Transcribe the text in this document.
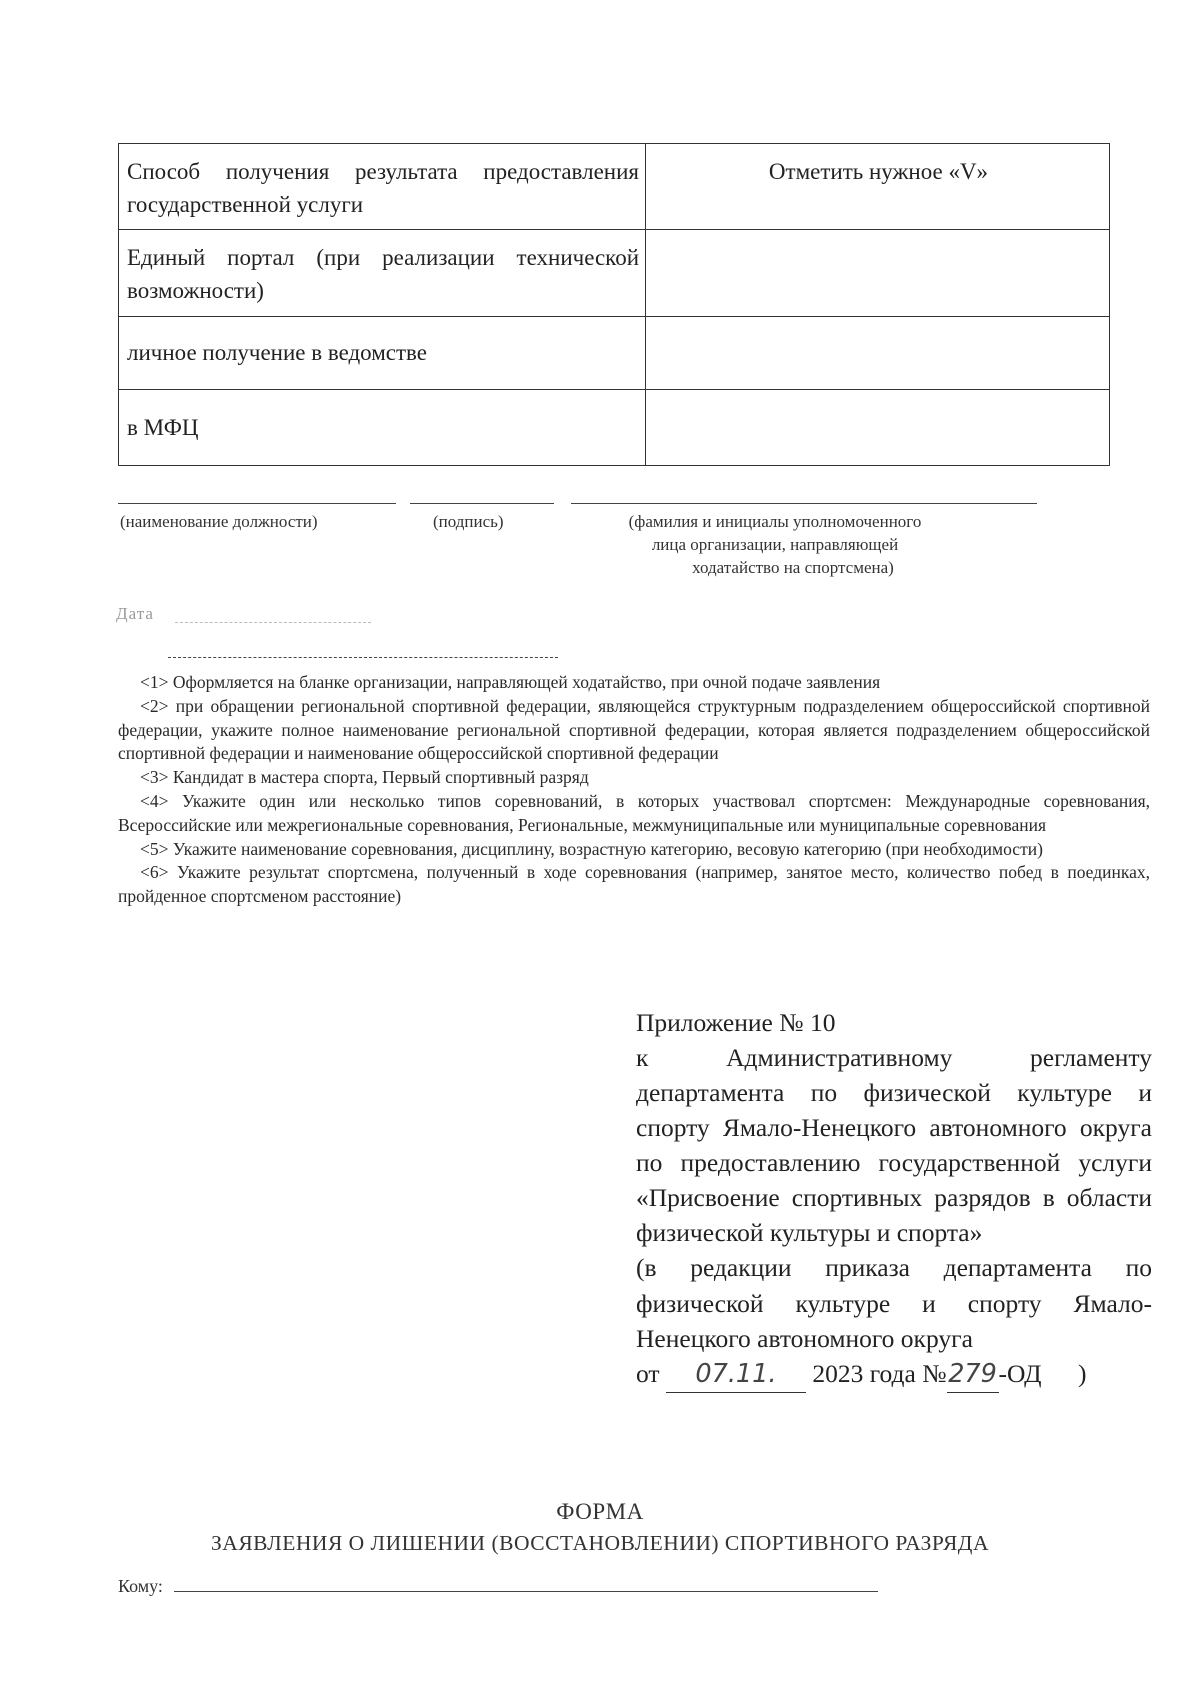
Способ получения результата предоставления государственной услуги	Отметить нужное «V»
Единый портал (при реализации технической возможности)	
личное получение в ведомстве	
в МФЦ	
(наименование должности)	(подпись)	(фамилия и инициалы уполномоченного
лица организации, направляющей
ходатайство на спортсмена)
Дата

<1> Оформляется на бланке организации, направляющей ходатайство, при очной подаче заявления

<2> при обращении региональной спортивной федерации, являющейся структурным подразделением общероссийской спортивной федерации, укажите полное наименование региональной спортивной федерации, которая является подразделением общероссийской спортивной федерации и наименование общероссийской спортивной федерации

<3> Кандидат в мастера спорта, Первый спортивный разряд

<4> Укажите один или несколько типов соревнований, в которых участвовал спортсмен: Международные соревнования, Всероссийские или межрегиональные соревнования, Региональные, межмуниципальные или муниципальные соревнования

<5> Укажите наименование соревнования, дисциплину, возрастную категорию, весовую категорию (при необходимости)

<6> Укажите результат спортсмена, полученный в ходе соревнования (например, занятое место, количество побед в поединках, пройденное спортсменом расстояние)

Приложение № 10
к Административному регламенту департамента по физической культуре и спорту Ямало-Ненецкого автономного округа по предоставлению государственной услуги «Присвоение спортивных разрядов в области физической культуры и спорта»
(в редакции приказа департамента по физической культуре и спорту Ямало-Ненецкого автономного округа
от 07.11. 2023 года №279-ОД )
ФОРМА
ЗАЯВЛЕНИЯ О ЛИШЕНИИ (ВОССТАНОВЛЕНИИ) СПОРТИВНОГО РАЗРЯДА
Кому:
